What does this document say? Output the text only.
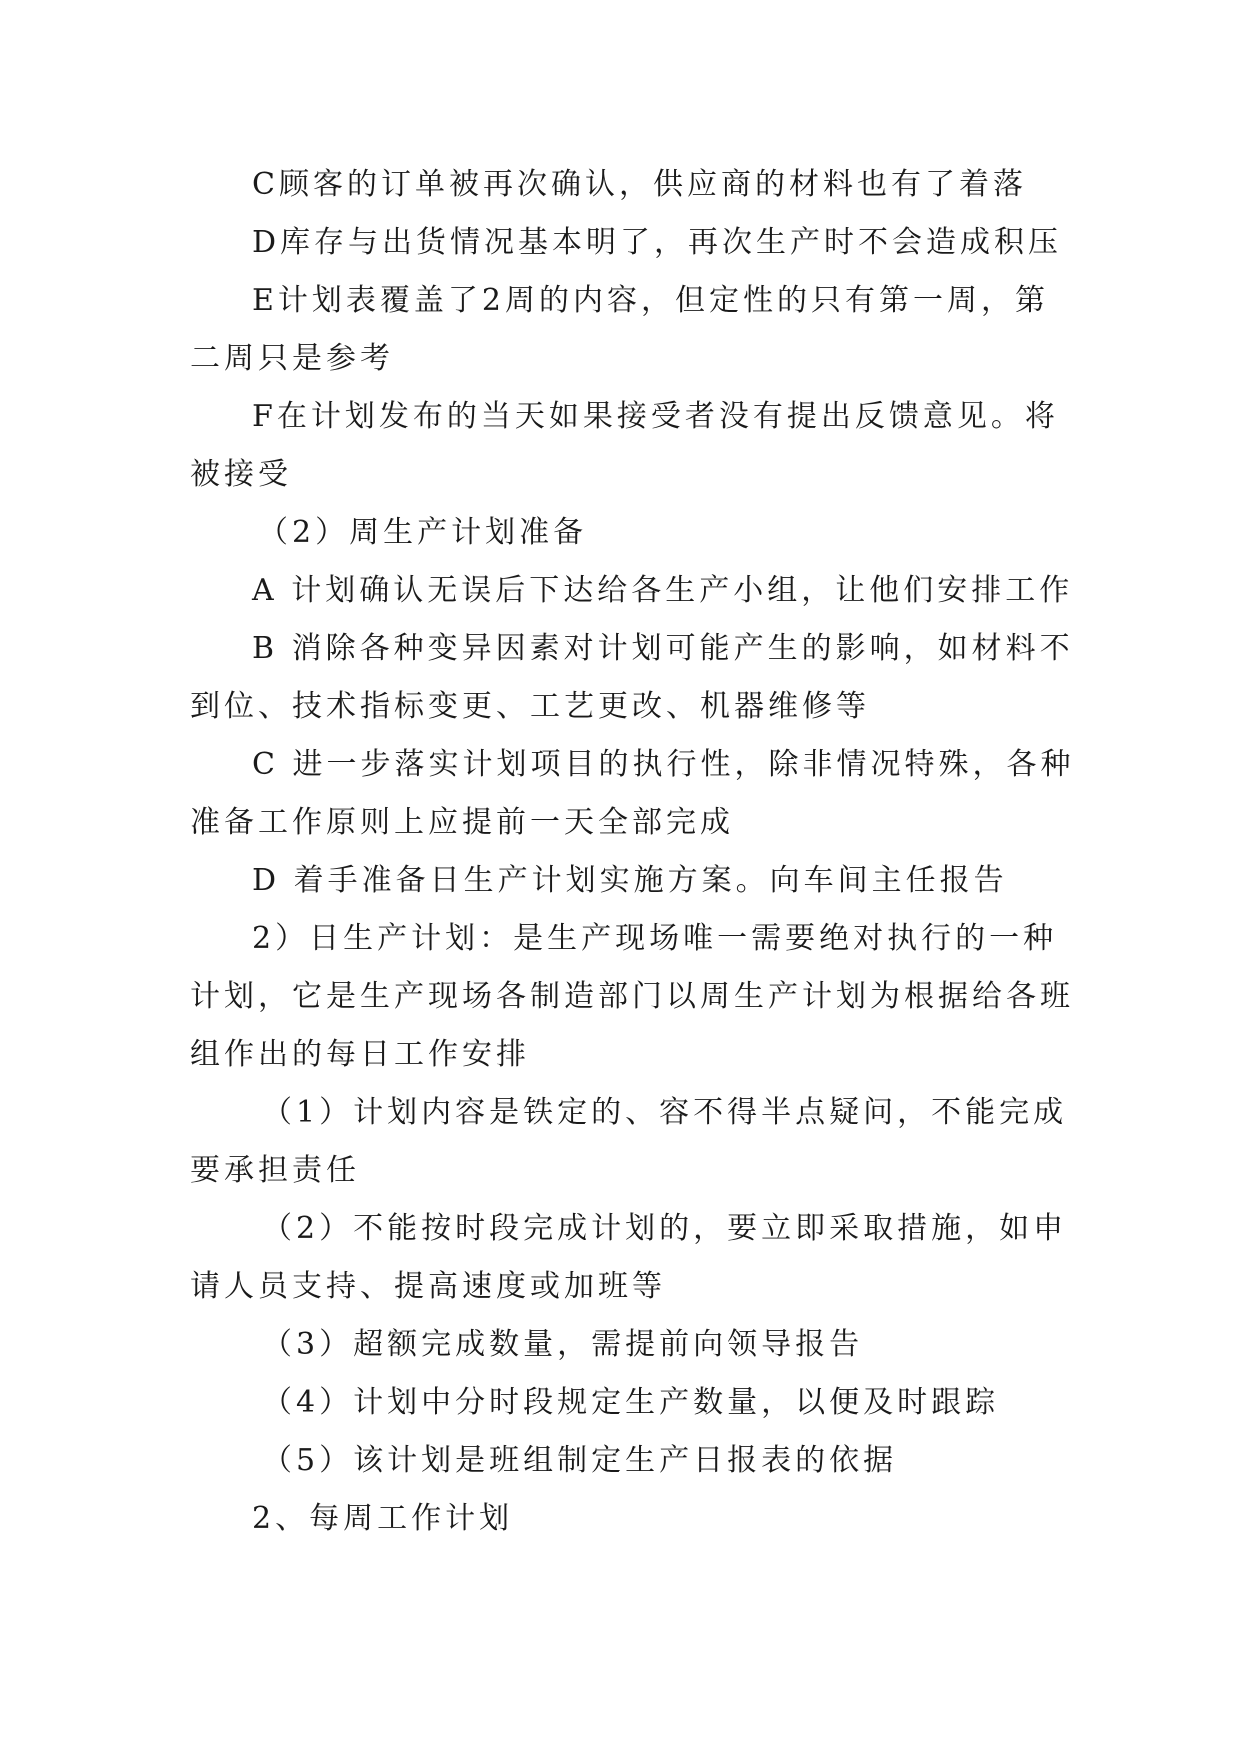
C顾客的订单被再次确认，供应商的材料也有了着落
D库存与出货情况基本明了，再次生产时不会造成积压
E计划表覆盖了2周的内容，但定性的只有第一周，第
二周只是参考
F在计划发布的当天如果接受者没有提出反馈意见。将
被接受
（2）周生产计划准备
A 计划确认无误后下达给各生产小组，让他们安排工作
B 消除各种变异因素对计划可能产生的影响，如材料不
到位、技术指标变更、工艺更改、机器维修等
C 进一步落实计划项目的执行性，除非情况特殊，各种
准备工作原则上应提前一天全部完成
D 着手准备日生产计划实施方案。向车间主任报告
2）日生产计划：是生产现场唯一需要绝对执行的一种
计划，它是生产现场各制造部门以周生产计划为根据给各班
组作出的每日工作安排
（1）计划内容是铁定的、容不得半点疑问，不能完成
要承担责任
（2）不能按时段完成计划的，要立即采取措施，如申
请人员支持、提高速度或加班等
（3）超额完成数量，需提前向领导报告
（4）计划中分时段规定生产数量，以便及时跟踪
（5）该计划是班组制定生产日报表的依据
2、每周工作计划
